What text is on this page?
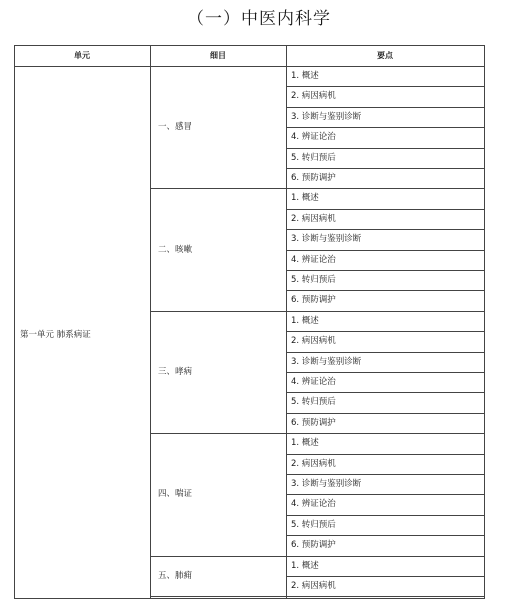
（一）中医内科学
单元	细目	要点
1. 概述
2. 病因病机
3. 诊断与鉴别诊断
4. 辨证论治
5. 转归预后
6. 预防调护
一、感冒
1. 概述
2. 病因病机
3. 诊断与鉴别诊断
4. 辨证论治
5. 转归预后
6. 预防调护
二、咳嗽
1. 概述
2. 病因病机
3. 诊断与鉴别诊断
4. 辨证论治
5. 转归预后
6. 预防调护
三、哮病
1. 概述
2. 病因病机
3. 诊断与鉴别诊断
4. 辨证论治
5. 转归预后
6. 预防调护
四、喘证
1. 概述
2. 病因病机
五、肺痈
第一单元 肺系病证
